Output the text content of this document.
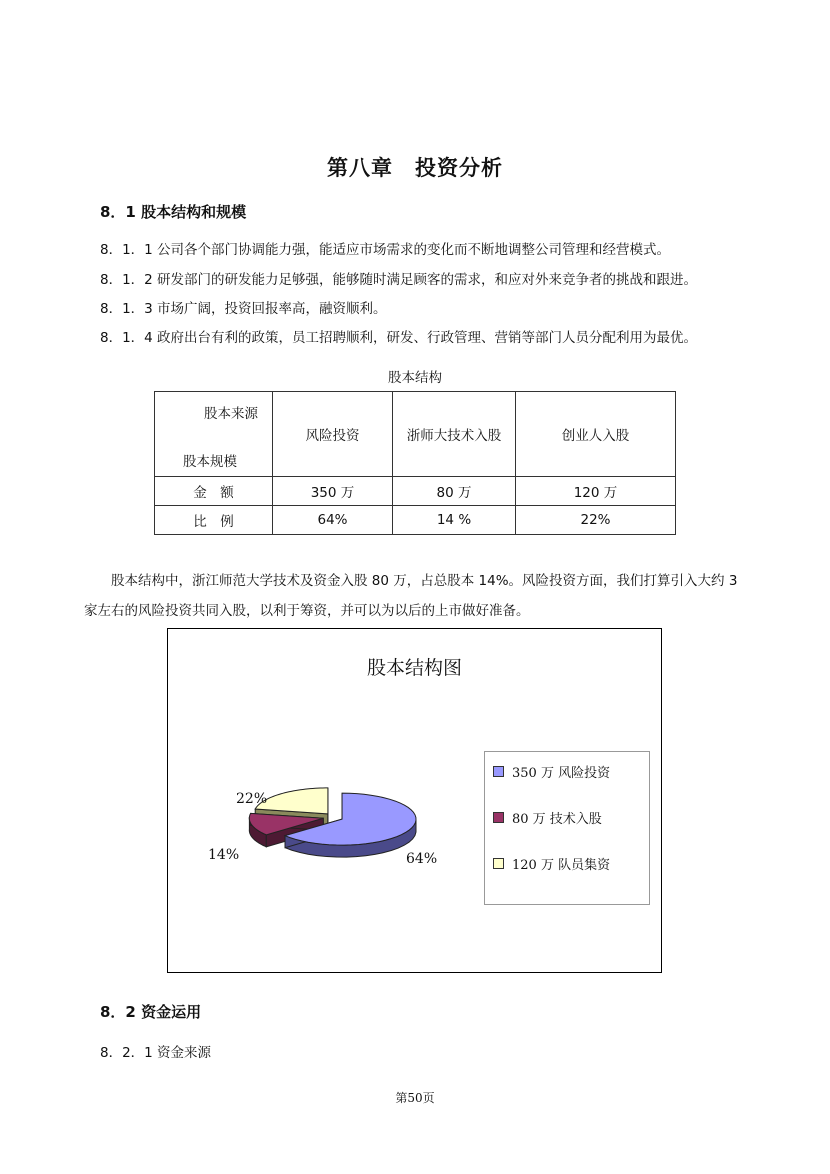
第八章　投资分析
8．1 股本结构和规模
8．1．1 公司各个部门协调能力强，能适应市场需求的变化而不断地调整公司管理和经营模式。
8．1．2 研发部门的研发能力足够强，能够随时满足顾客的需求，和应对外来竞争者的挑战和跟进。
8．1．3 市场广阔，投资回报率高，融资顺利。
8．1．4 政府出台有利的政策，员工招聘顺利，研发、行政管理、营销等部门人员分配利用为最优。
股本结构
股本来源
股本规模	风险投资	浙师大技术入股	创业人入股
金　额	350 万	80 万	120 万
比　例	64%	14 %	22%
股本结构中，浙江师范大学技术及资金入股 80 万，占总股本 14%。风险投资方面，我们打算引入大约 3 家左右的风险投资共同入股，以利于筹资，并可以为以后的上市做好准备。
股本结构图
64%
14%
22%
350 万 风险投资
80 万 技术入股
120 万 队员集资
8．2 资金运用
8．2．1 资金来源
第50页
